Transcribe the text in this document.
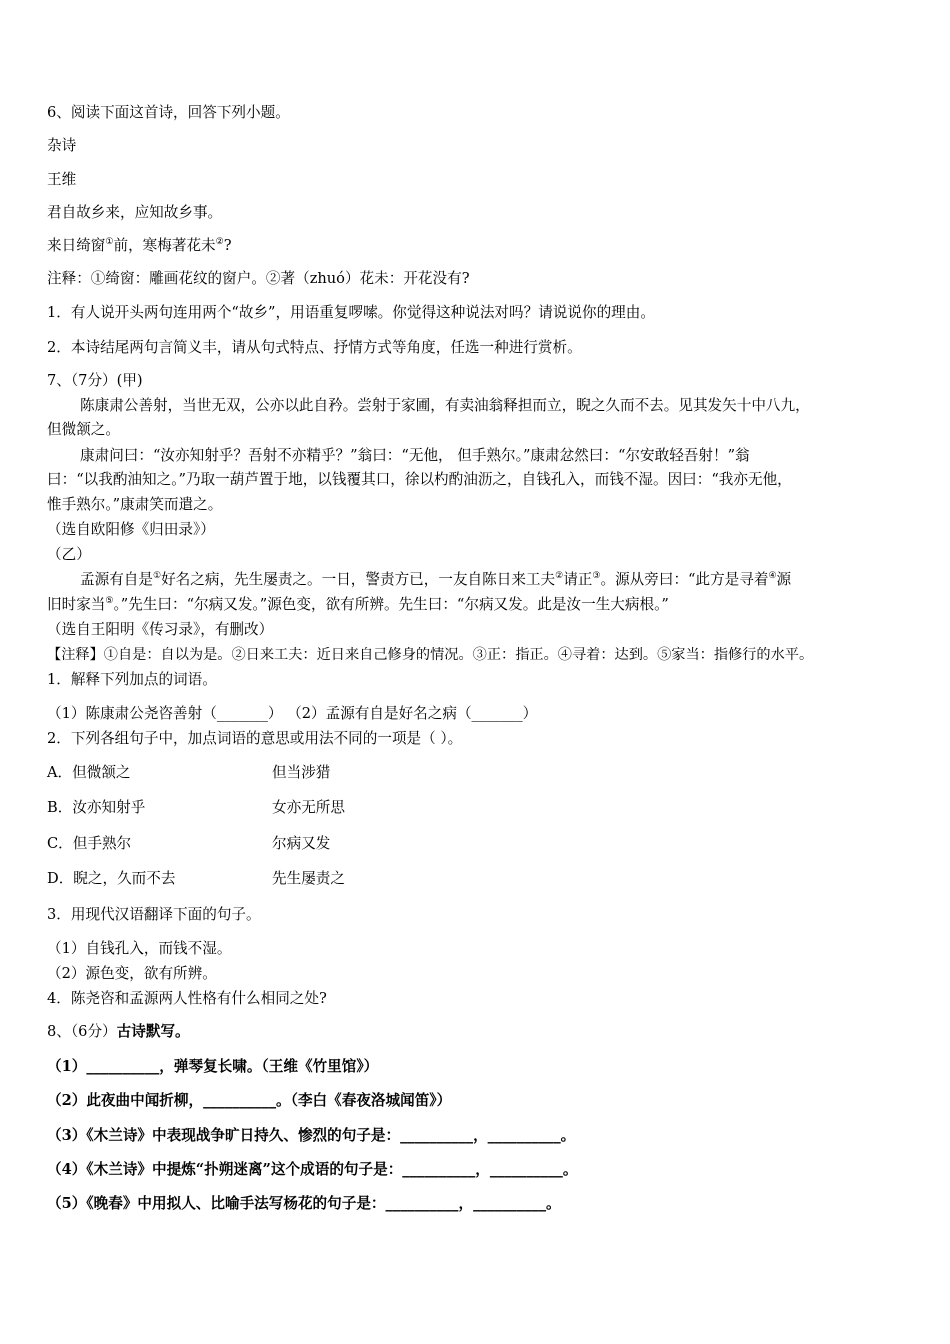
6、阅读下面这首诗，回答下列小题。
杂诗
王维
君自故乡来，应知故乡事。
来日绮窗①前，寒梅著花未②?
注释：①绮窗：雕画花纹的窗户。②著（zhuó）花未：开花没有?
1．有人说开头两句连用两个“故乡”，用语重复啰嗦。你觉得这种说法对吗？请说说你的理由。
2．本诗结尾两句言简义丰，请从句式特点、抒情方式等角度，任选一种进行赏析。
7、（7分）(甲)
陈康肃公善射，当世无双，公亦以此自矜。尝射于家圃，有卖油翁释担而立，睨之久而不去。见其发矢十中八九，
但微颔之。
康肃问曰：“汝亦知射乎？吾射不亦精乎？”翁曰：“无他， 但手熟尔。”康肃忿然曰：“尔安敢轻吾射！”翁
曰：“以我酌油知之。”乃取一葫芦置于地，以钱覆其口，徐以杓酌油沥之，自钱孔入，而钱不湿。因曰：“我亦无他，
惟手熟尔。”康肃笑而遣之。
（选自欧阳修《归田录》）
（乙）
孟源有自是①好名之病，先生屡责之。一日，警责方已，一友自陈日来工夫②请正③。源从旁曰：“此方是寻着④源
旧时家当⑤。”先生曰：“尔病又发。”源色变，欲有所辨。先生曰：“尔病又发。此是汝一生大病根。”
（选自王阳明《传习录》，有删改）
【注释】①自是：自以为是。②日来工夫：近日来自己修身的情况。③正：指正。④寻着：达到。⑤家当：指修行的水平。
1．解释下列加点的词语。
（1）陈康肃公尧咨善射（_______） （2）孟源有自是好名之病（_______）
2．下列各组句子中，加点词语的意思或用法不同的一项是（ ）。
A．但微颔之	但当涉猎
B．汝亦知射乎	女亦无所思
C．但手熟尔	尔病又发
D．睨之，久而不去	先生屡责之
3．用现代汉语翻译下面的句子。
（1）自钱孔入，而钱不湿。
（2）源色变，欲有所辨。
4．陈尧咨和孟源两人性格有什么相同之处?
8、（6分）古诗默写。
（1）__________，弹琴复长啸。（王维《竹里馆》）
（2）此夜曲中闻折柳，__________。（李白《春夜洛城闻笛》）
（3）《木兰诗》中表现战争旷日持久、惨烈的句子是：__________，__________。
（4）《木兰诗》中提炼“扑朔迷离”这个成语的句子是：__________，__________。
（5）《晚春》中用拟人、比喻手法写杨花的句子是：__________，__________。
